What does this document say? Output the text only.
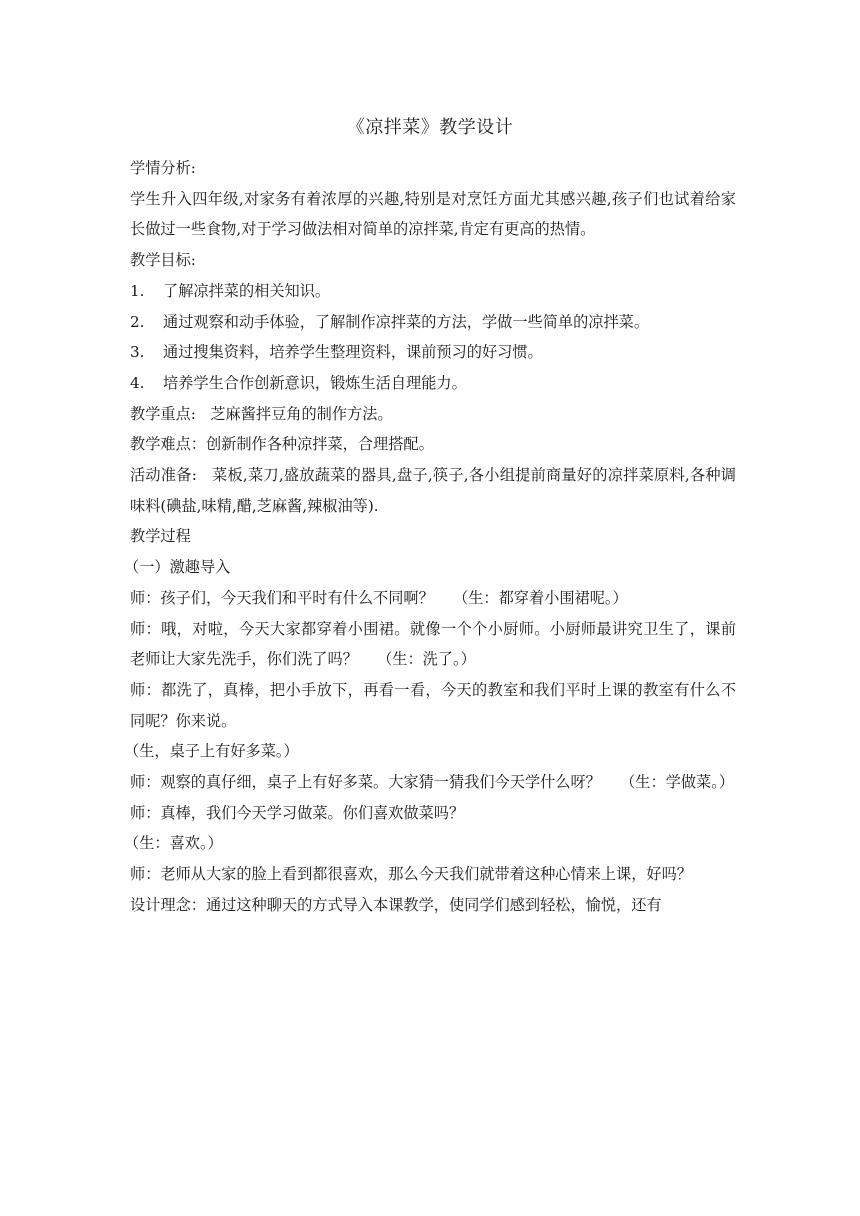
《凉拌菜》教学设计

学情分析:

学生升入四年级,对家务有着浓厚的兴趣,特别是对烹饪方面尤其感兴趣,孩子们也试着给家长做过一些食物,对于学习做法相对简单的凉拌菜,肯定有更高的热情。

教学目标:

1.	了解凉拌菜的相关知识。

2.	通过观察和动手体验，了解制作凉拌菜的方法，学做一些简单的凉拌菜。

3.	通过搜集资料，培养学生整理资料，课前预习的好习惯。

4.	培养学生合作创新意识，锻炼生活自理能力。

教学重点:   芝麻酱拌豆角的制作方法。

教学难点：创新制作各种凉拌菜，合理搭配。

活动准备:   菜板,菜刀,盛放蔬菜的器具,盘子,筷子,各小组提前商量好的凉拌菜原料,各种调味料(碘盐,味精,醋,芝麻酱,辣椒油等).

教学过程

（一）激趣导入

师：孩子们，今天我们和平时有什么不同啊？    （生：都穿着小围裙呢。）

师：哦，对啦，今天大家都穿着小围裙。就像一个个小厨师。小厨师最讲究卫生了，课前老师让大家先洗手，你们洗了吗？    （生：洗了。）

师：都洗了，真棒，把小手放下，再看一看，今天的教室和我们平时上课的教室有什么不同呢？你来说。

（生，桌子上有好多菜。）

师：观察的真仔细，桌子上有好多菜。大家猜一猜我们今天学什么呀？    （生：学做菜。）

师：真棒，我们今天学习做菜。你们喜欢做菜吗？

（生：喜欢。）

师：老师从大家的脸上看到都很喜欢，那么今天我们就带着这种心情来上课，好吗？

设计理念：通过这种聊天的方式导入本课教学，使同学们感到轻松，愉悦，还有
